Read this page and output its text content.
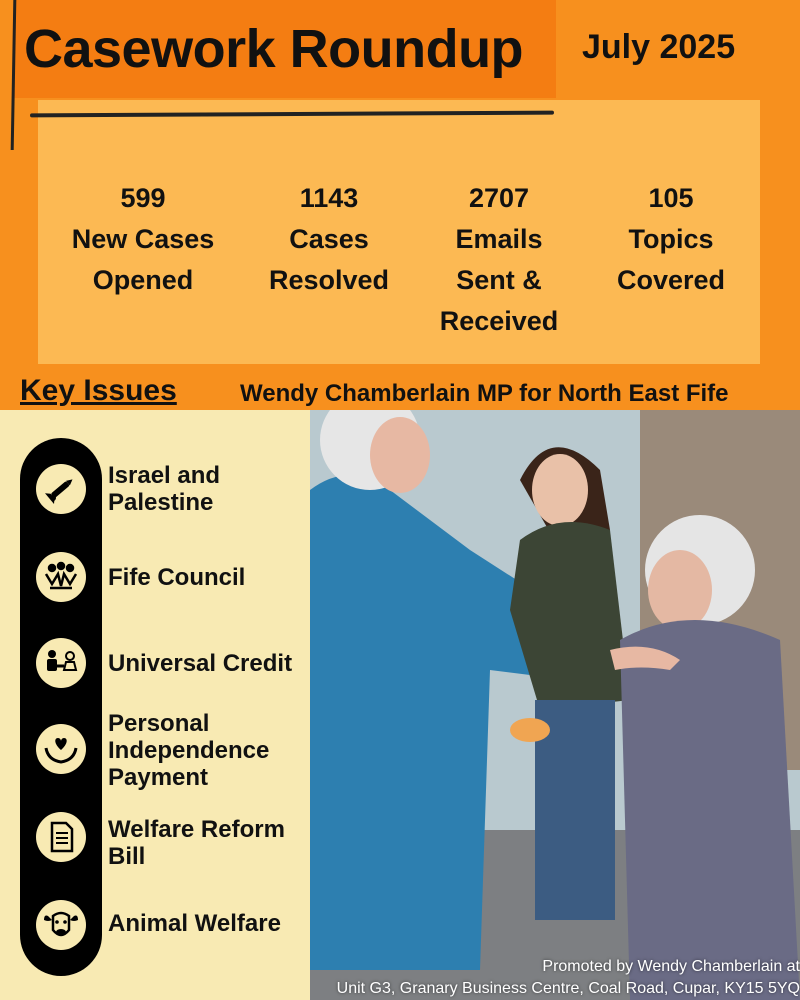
Casework Roundup July 2025
599
New Cases
Opened
1143
Cases
Resolved
2707
Emails
Sent &
Received
105
Topics
Covered
Key Issues	Wendy Chamberlain MP for North East Fife
Israel and
Palestine
Fife Council
Universal Credit
Personal
Independence
Payment
Welfare Reform
Bill
Animal Welfare
Promoted by Wendy Chamberlain at
Unit G3, Granary Business Centre, Coal Road, Cupar, KY15 5YQ
